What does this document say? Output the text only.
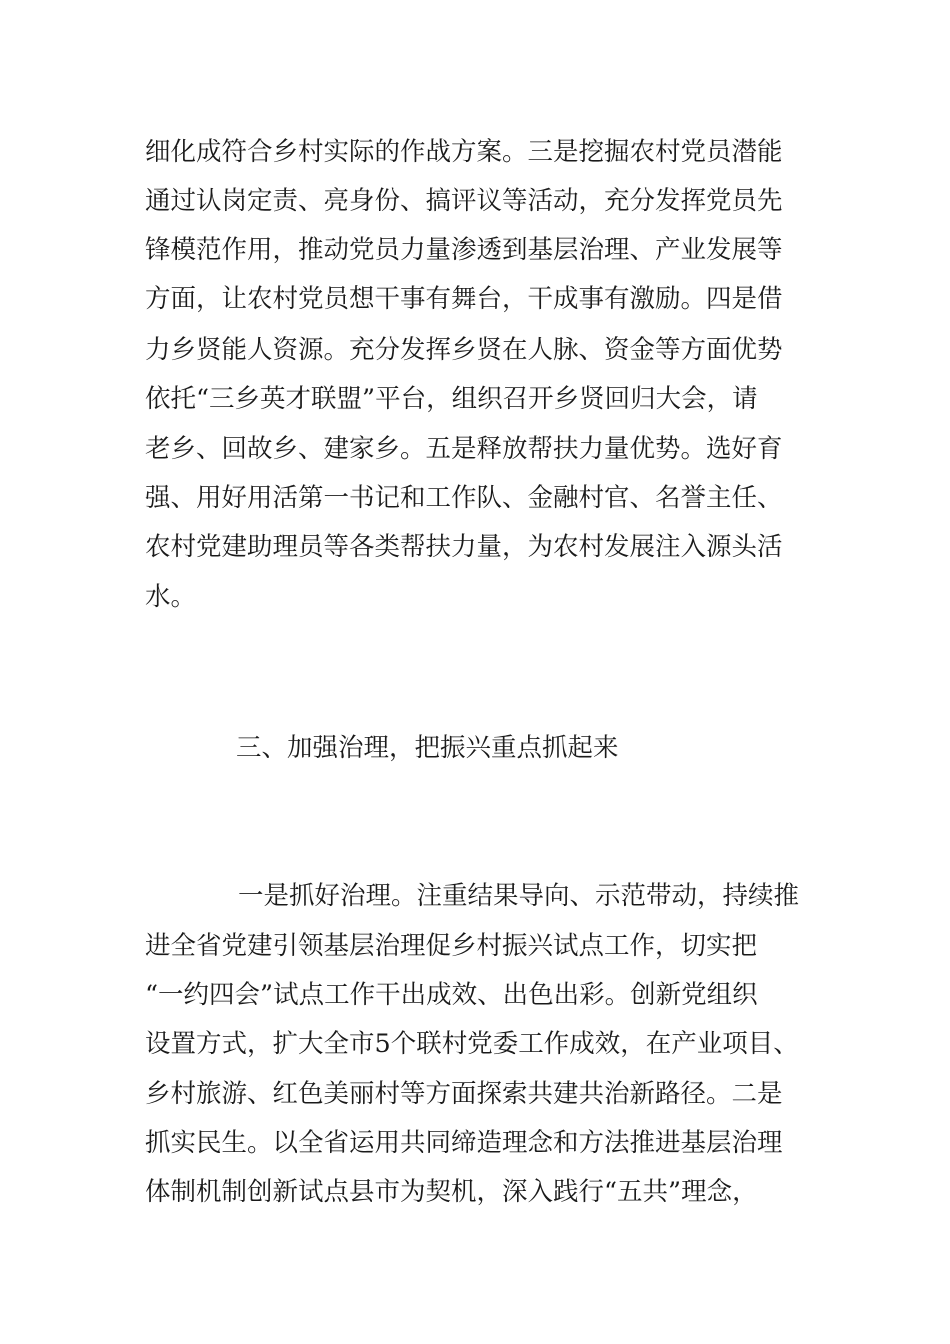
细化成符合乡村实际的作战方案。三是挖掘农村党员潜能
通过认岗定责、亮身份、搞评议等活动，充分发挥党员先
锋模范作用，推动党员力量渗透到基层治理、产业发展等
方面，让农村党员想干事有舞台，干成事有激励。四是借
力乡贤能人资源。充分发挥乡贤在人脉、资金等方面优势
依托“三乡英才联盟”平台，组织召开乡贤回归大会，请
老乡、回故乡、建家乡。五是释放帮扶力量优势。选好育
强、用好用活第一书记和工作队、金融村官、名誉主任、
农村党建助理员等各类帮扶力量，为农村发展注入源头活
水。
三、加强治理，把振兴重点抓起来
一是抓好治理。注重结果导向、示范带动，持续推
进全省党建引领基层治理促乡村振兴试点工作，切实把
“一约四会”试点工作干出成效、出色出彩。创新党组织
设置方式，扩大全市5个联村党委工作成效，在产业项目、
乡村旅游、红色美丽村等方面探索共建共治新路径。二是
抓实民生。以全省运用共同缔造理念和方法推进基层治理
体制机制创新试点县市为契机，深入践行“五共”理念，
